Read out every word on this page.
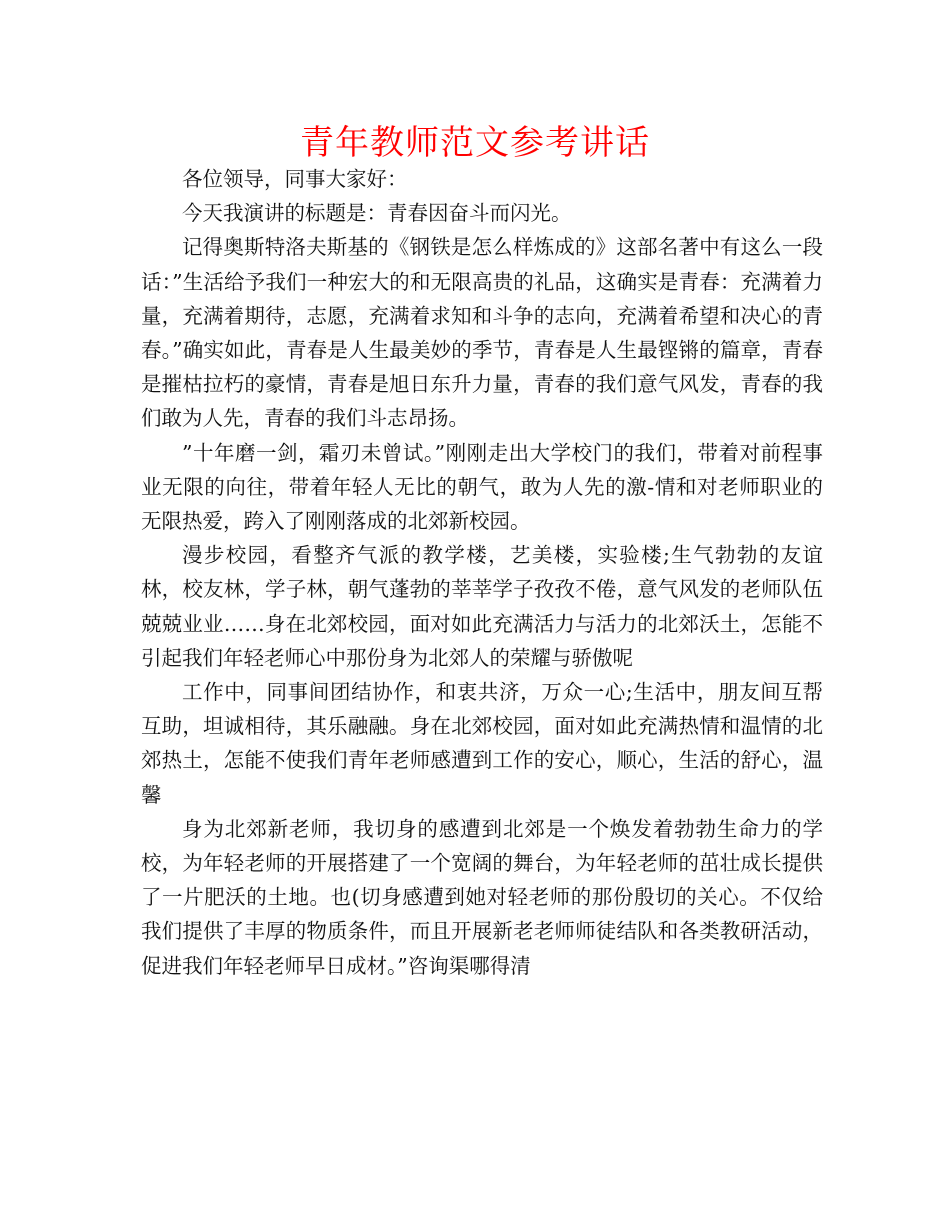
青年教师范文参考讲话

各位领导，同事大家好：

今天我演讲的标题是：青春因奋斗而闪光。

记得奥斯特洛夫斯基的《钢铁是怎么样炼成的》这部名著中有这么一段话：”生活给予我们一种宏大的和无限高贵的礼品，这确实是青春：充满着力量，充满着期待，志愿，充满着求知和斗争的志向，充满着希望和决心的青春。”确实如此，青春是人生最美妙的季节，青春是人生最铿锵的篇章，青春是摧枯拉朽的豪情，青春是旭日东升力量，青春的我们意气风发，青春的我们敢为人先，青春的我们斗志昂扬。

”十年磨一剑，霜刃未曾试。”刚刚走出大学校门的我们，带着对前程事业无限的向往，带着年轻人无比的朝气，敢为人先的激-情和对老师职业的无限热爱，跨入了刚刚落成的北郊新校园。

漫步校园，看整齐气派的教学楼，艺美楼，实验楼;生气勃勃的友谊林，校友林，学子林，朝气蓬勃的莘莘学子孜孜不倦，意气风发的老师队伍兢兢业业……身在北郊校园，面对如此充满活力与活力的北郊沃土，怎能不引起我们年轻老师心中那份身为北郊人的荣耀与骄傲呢

工作中，同事间团结协作，和衷共济，万众一心;生活中，朋友间互帮互助，坦诚相待，其乐融融。身在北郊校园，面对如此充满热情和温情的北郊热土，怎能不使我们青年老师感遭到工作的安心，顺心，生活的舒心，温馨

身为北郊新老师，我切身的感遭到北郊是一个焕发着勃勃生命力的学校，为年轻老师的开展搭建了一个宽阔的舞台，为年轻老师的茁壮成长提供了一片肥沃的土地。也(切身感遭到她对轻老师的那份殷切的关心。不仅给我们提供了丰厚的物质条件，而且开展新老老师师徒结队和各类教研活动，促进我们年轻老师早日成材。”咨询渠哪得清
